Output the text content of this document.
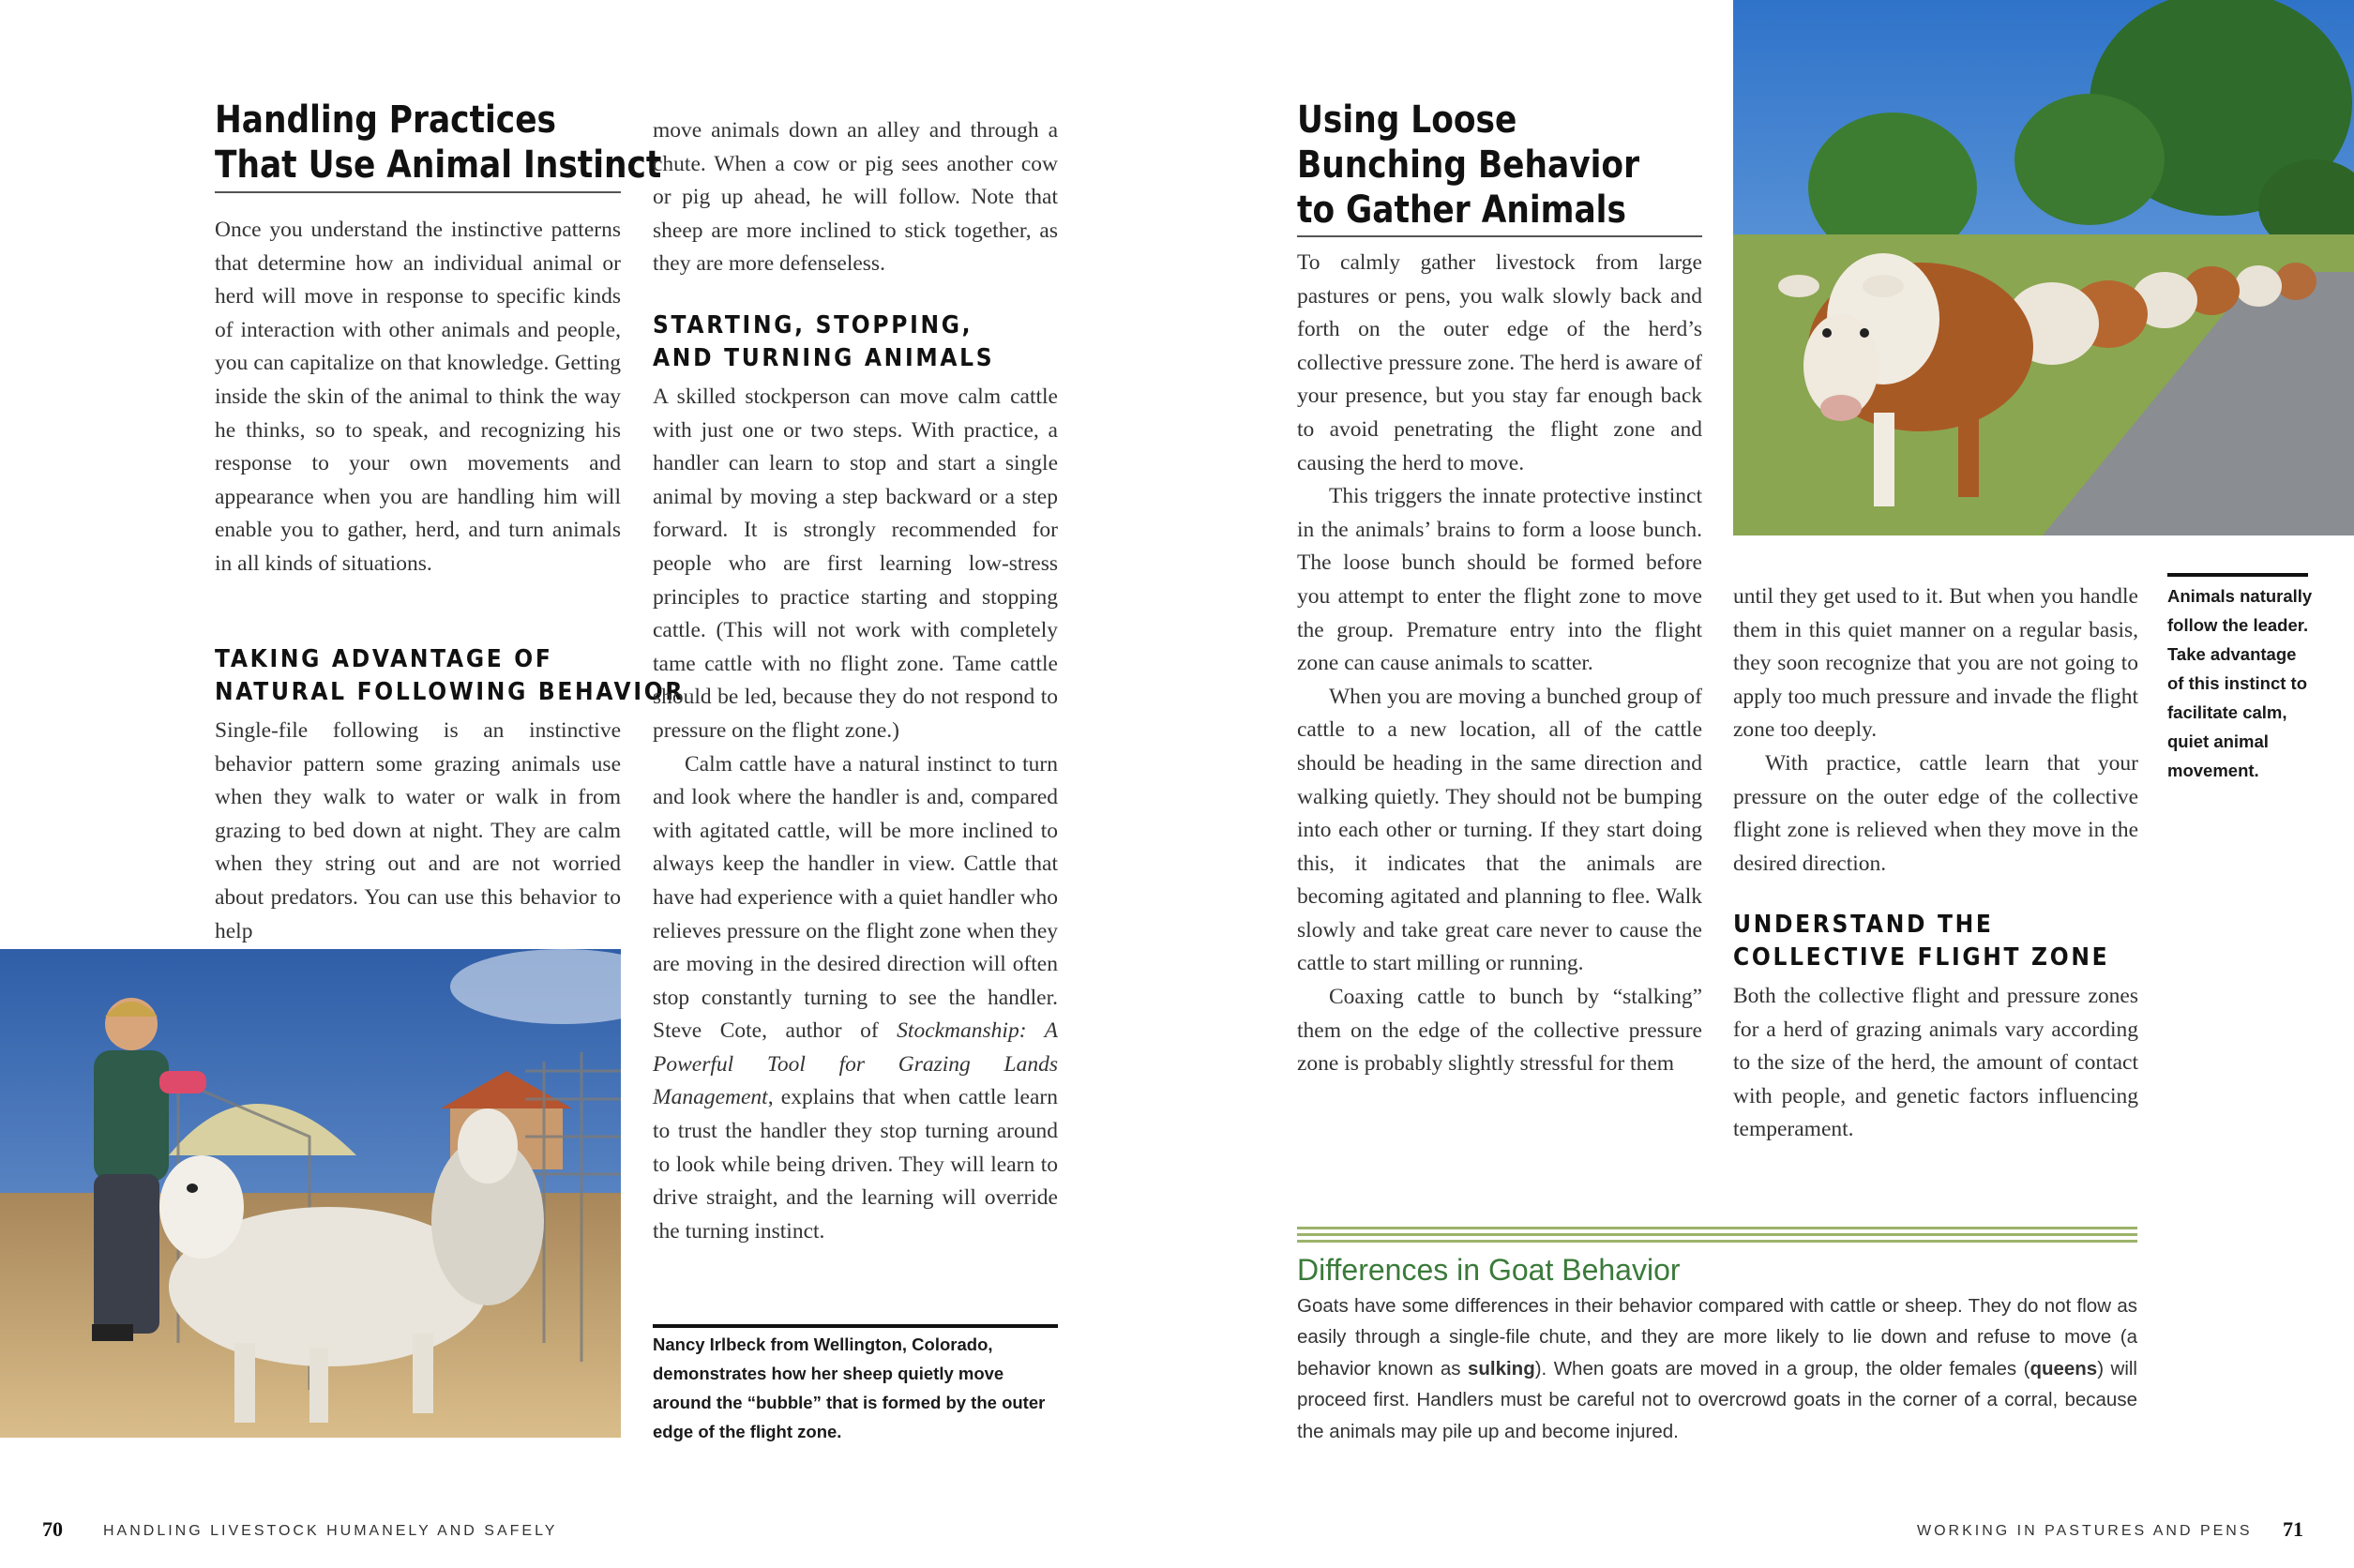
Handling Practices
That Use Animal Instinct

Once you understand the instinctive patterns that determine how an individual animal or herd will move in response to specific kinds of interaction with other animals and people, you can capitalize on that knowledge. Getting inside the skin of the animal to think the way he thinks, so to speak, and recognizing his response to your own movements and appearance when you are handling him will enable you to gather, herd, and turn animals in all kinds of situations.

TAKING ADVANTAGE OF
NATURAL FOLLOWING BEHAVIOR

Single-file following is an instinctive behavior pattern some grazing animals use when they walk to water or walk in from grazing to bed down at night. They are calm when they string out and are not worried about predators. You can use this behavior to help

move animals down an alley and through a chute. When a cow or pig sees another cow or pig up ahead, he will follow. Note that sheep are more inclined to stick together, as they are more defenseless.

STARTING, STOPPING,
AND TURNING ANIMALS

A skilled stockperson can move calm cattle with just one or two steps. With practice, a handler can learn to stop and start a single animal by moving a step backward or a step forward. It is strongly recommended for people who are first learning low-stress principles to practice starting and stopping cattle. (This will not work with completely tame cattle with no flight zone. Tame cattle should be led, because they do not respond to pressure on the flight zone.)

Calm cattle have a natural instinct to turn and look where the handler is and, compared with agitated cattle, will be more inclined to always keep the handler in view. Cattle that have had experience with a quiet handler who relieves pressure on the flight zone when they are moving in the desired direction will often stop constantly turning to see the handler. Steve Cote, author of Stockmanship: A Powerful Tool for Grazing Lands Management, explains that when cattle learn to trust the handler they stop turning around to look while being driven. They will learn to drive straight, and the learning will override the turning instinct.

Nancy Irlbeck from Wellington, Colorado, demonstrates how her sheep quietly move around the “bubble” that is formed by the outer edge of the flight zone.
70	HANDLING LIVESTOCK HUMANELY AND SAFELY
Using Loose
Bunching Behavior
to Gather Animals

To calmly gather livestock from large pastures or pens, you walk slowly back and forth on the outer edge of the herd’s collective pressure zone. The herd is aware of your presence, but you stay far enough back to avoid penetrating the flight zone and causing the herd to move.

This triggers the innate protective instinct in the animals’ brains to form a loose bunch. The loose bunch should be formed before you attempt to enter the flight zone to move the group. Premature entry into the flight zone can cause animals to scatter.

When you are moving a bunched group of cattle to a new location, all of the cattle should be heading in the same direction and walking quietly. They should not be bumping into each other or turning. If they start doing this, it indicates that the animals are becoming agitated and planning to flee. Walk slowly and take great care never to cause the cattle to start milling or running.

Coaxing cattle to bunch by “stalking” them on the edge of the collective pressure zone is probably slightly stressful for them

until they get used to it. But when you handle them in this quiet manner on a regular basis, they soon recognize that you are not going to apply too much pressure and invade the flight zone too deeply.

With practice, cattle learn that your pressure on the outer edge of the collective flight zone is relieved when they move in the desired direction.

UNDERSTAND THE
COLLECTIVE FLIGHT ZONE

Both the collective flight and pressure zones for a herd of grazing animals vary according to the size of the herd, the amount of contact with people, and genetic factors influencing temperament.

Animals naturally follow the leader. Take advantage of this instinct to facilitate calm, quiet animal movement.
Differences in Goat Behavior
Goats have some differences in their behavior compared with cattle or sheep. They do not flow as easily through a single-file chute, and they are more likely to lie down and refuse to move (a behavior known as sulking). When goats are moved in a group, the older females (queens) will proceed first. Handlers must be careful not to overcrowd goats in the corner of a corral, because the animals may pile up and become injured.
WORKING IN PASTURES AND PENS 71
